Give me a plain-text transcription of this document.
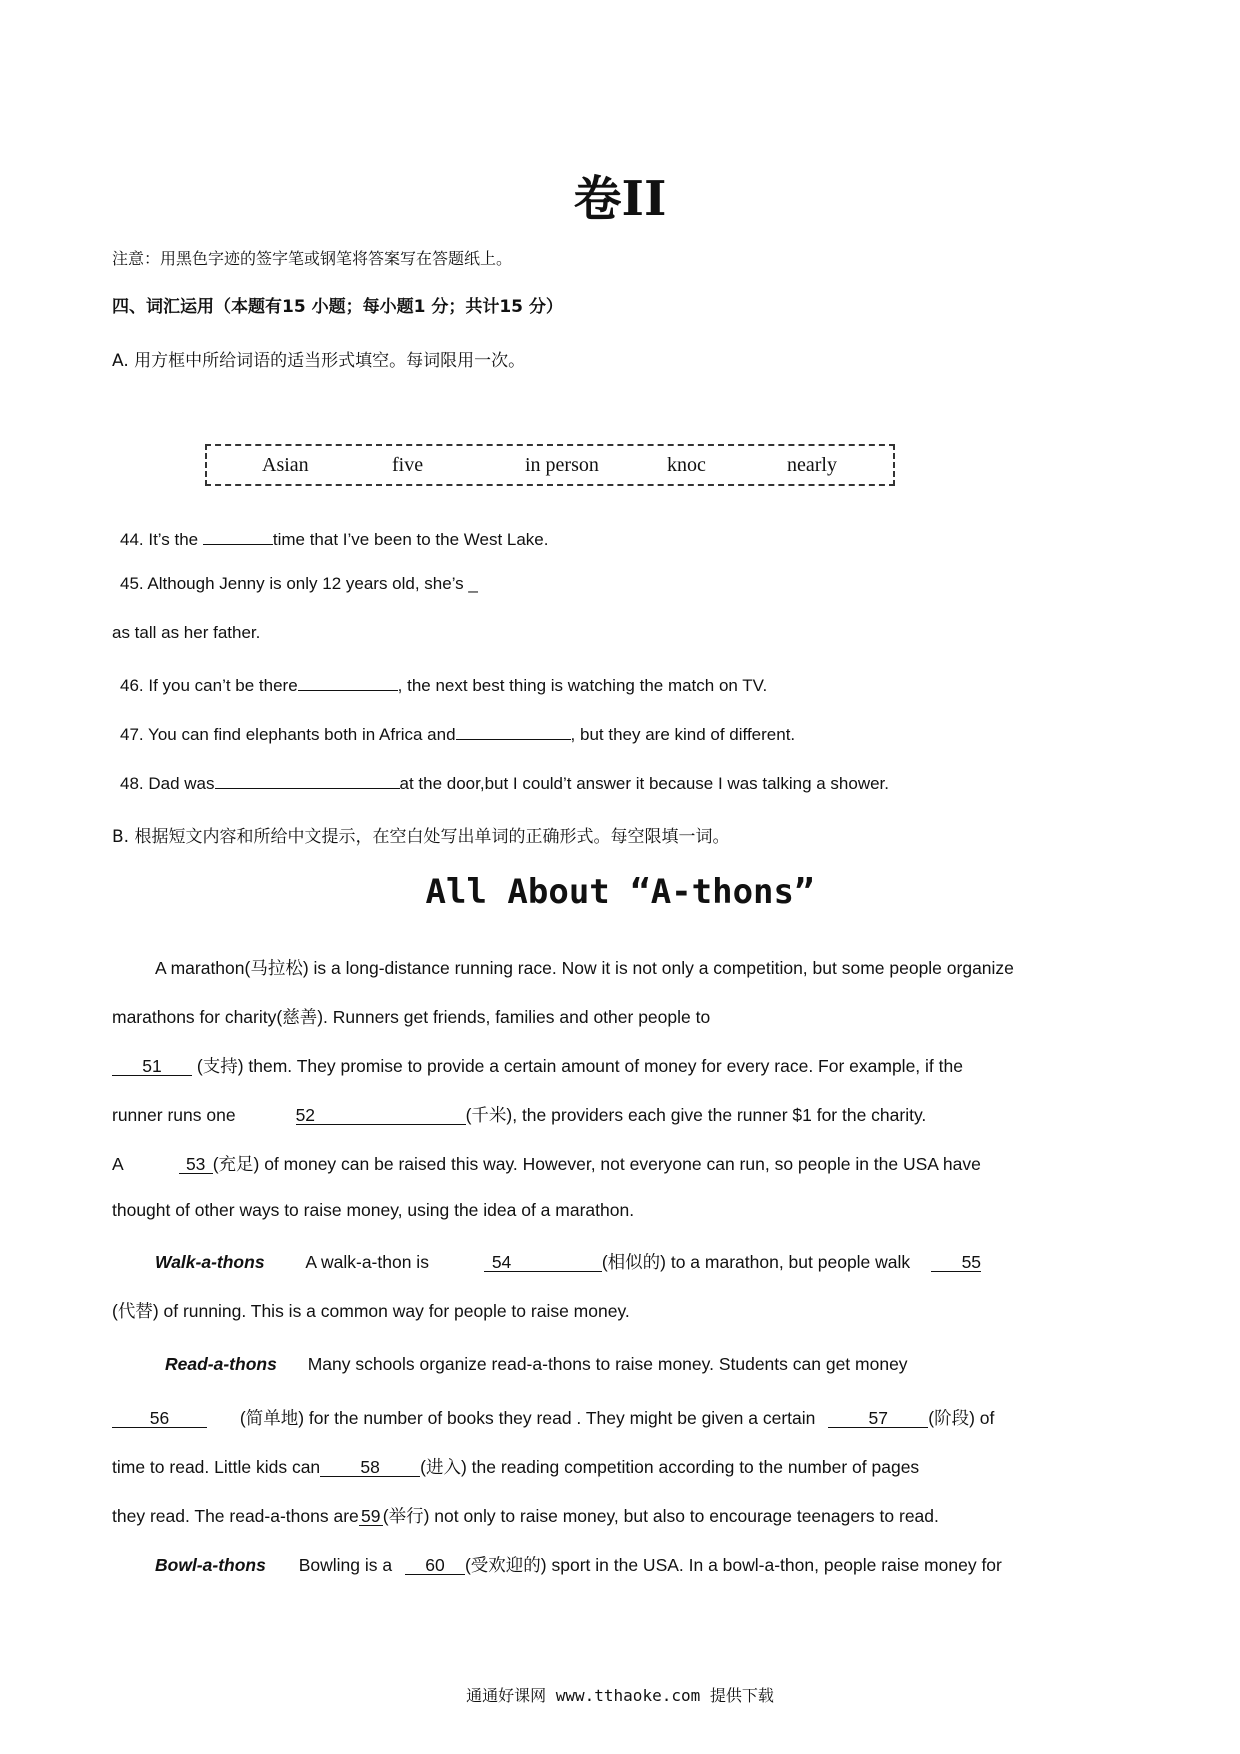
卷II
注意：用黑色字迹的签字笔或钢笔将答案写在答题纸上。
四、词汇运用（本题有15 小题；每小题1 分；共计15 分）
A. 用方框中所给词语的适当形式填空。每词限用一次。
Asian	five	in person	knoc	nearly
44. It’s the	time that I’ve been to the West Lake.
45. Although Jenny is only 12 years old, she’s _
as tall as her father.
46. If you can’t be there	, the next best thing is watching the match on TV.
47. You can find elephants both in Africa and	, but they are kind of different.
48. Dad was	at the door,but I could’t answer it because I was talking a shower.
B. 根据短文内容和所给中文提示，在空白处写出单词的正确形式。每空限填一词。
All About “A-thons”
A marathon(马拉松) is a long-distance running race. Now it is not only a competition, but some people organize
marathons for charity(慈善). Runners get friends, families and other people to
51 (支持) them. They promise to provide a certain amount of money for every race. For example, if the
runner runs one	52	(千米), the providers each give the runner $1 for the charity.
A	53(充足) of money can be raised this way. However, not everyone can run, so people in the USA have
thought of other ways to raise money, using the idea of a marathon.
Walk-a-thons A walk-a-thon is	54	(相似的) to a marathon, but people walk	55
(代替) of running. This is a common way for people to raise money.
Read-a-thons Many schools organize read-a-thons to raise money. Students can get money
56	(简单地) for the number of books they read . They might be given a certain	57 (阶段) of
time to read. Little kids can 58 (进入) the reading competition according to the number of pages
they read. The read-a-thons are 59(举行) not only to raise money, but also to encourage teenagers to read.
Bowl-a-thons Bowling is a 60 (受欢迎的) sport in the USA. In a bowl-a-thon, people raise money for
通通好课网 www.tthaoke.com 提供下载
